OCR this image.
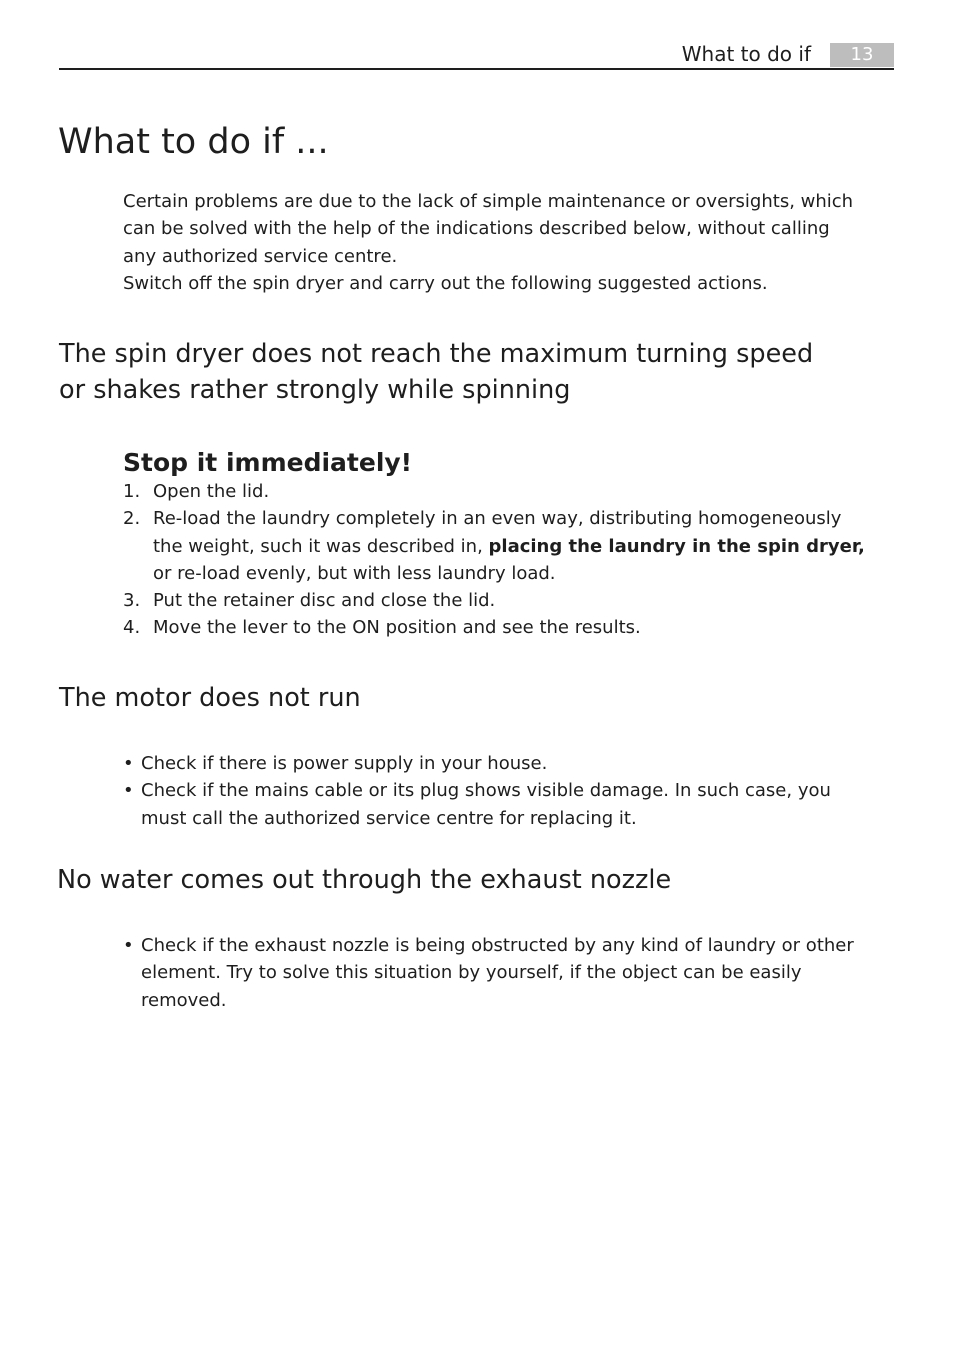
What to do if	13
What to do if ...

Certain problems are due to the lack of simple maintenance or oversights, which
can be solved with the help of the indications described below, without calling
any authorized service centre.

Switch off the spin dryer and carry out the following suggested actions.

The spin dryer does not reach the maximum turning speed
or shakes rather strongly while spinning
Stop it immediately!
1. Open the lid.
2. Re-load the laundry completely in an even way, distributing homogeneously
the weight, such it was described in, placing the laundry in the spin dryer,
or re-load evenly, but with less laundry load.
3. Put the retainer disc and close the lid.
4. Move the lever to the ON position and see the results.
The motor does not run
• Check if there is power supply in your house.
• Check if the mains cable or its plug shows visible damage. In such case, you
must call the authorized service centre for replacing it.
No water comes out through the exhaust nozzle
• Check if the exhaust nozzle is being obstructed by any kind of laundry or other
element. Try to solve this situation by yourself, if the object can be easily
removed.
